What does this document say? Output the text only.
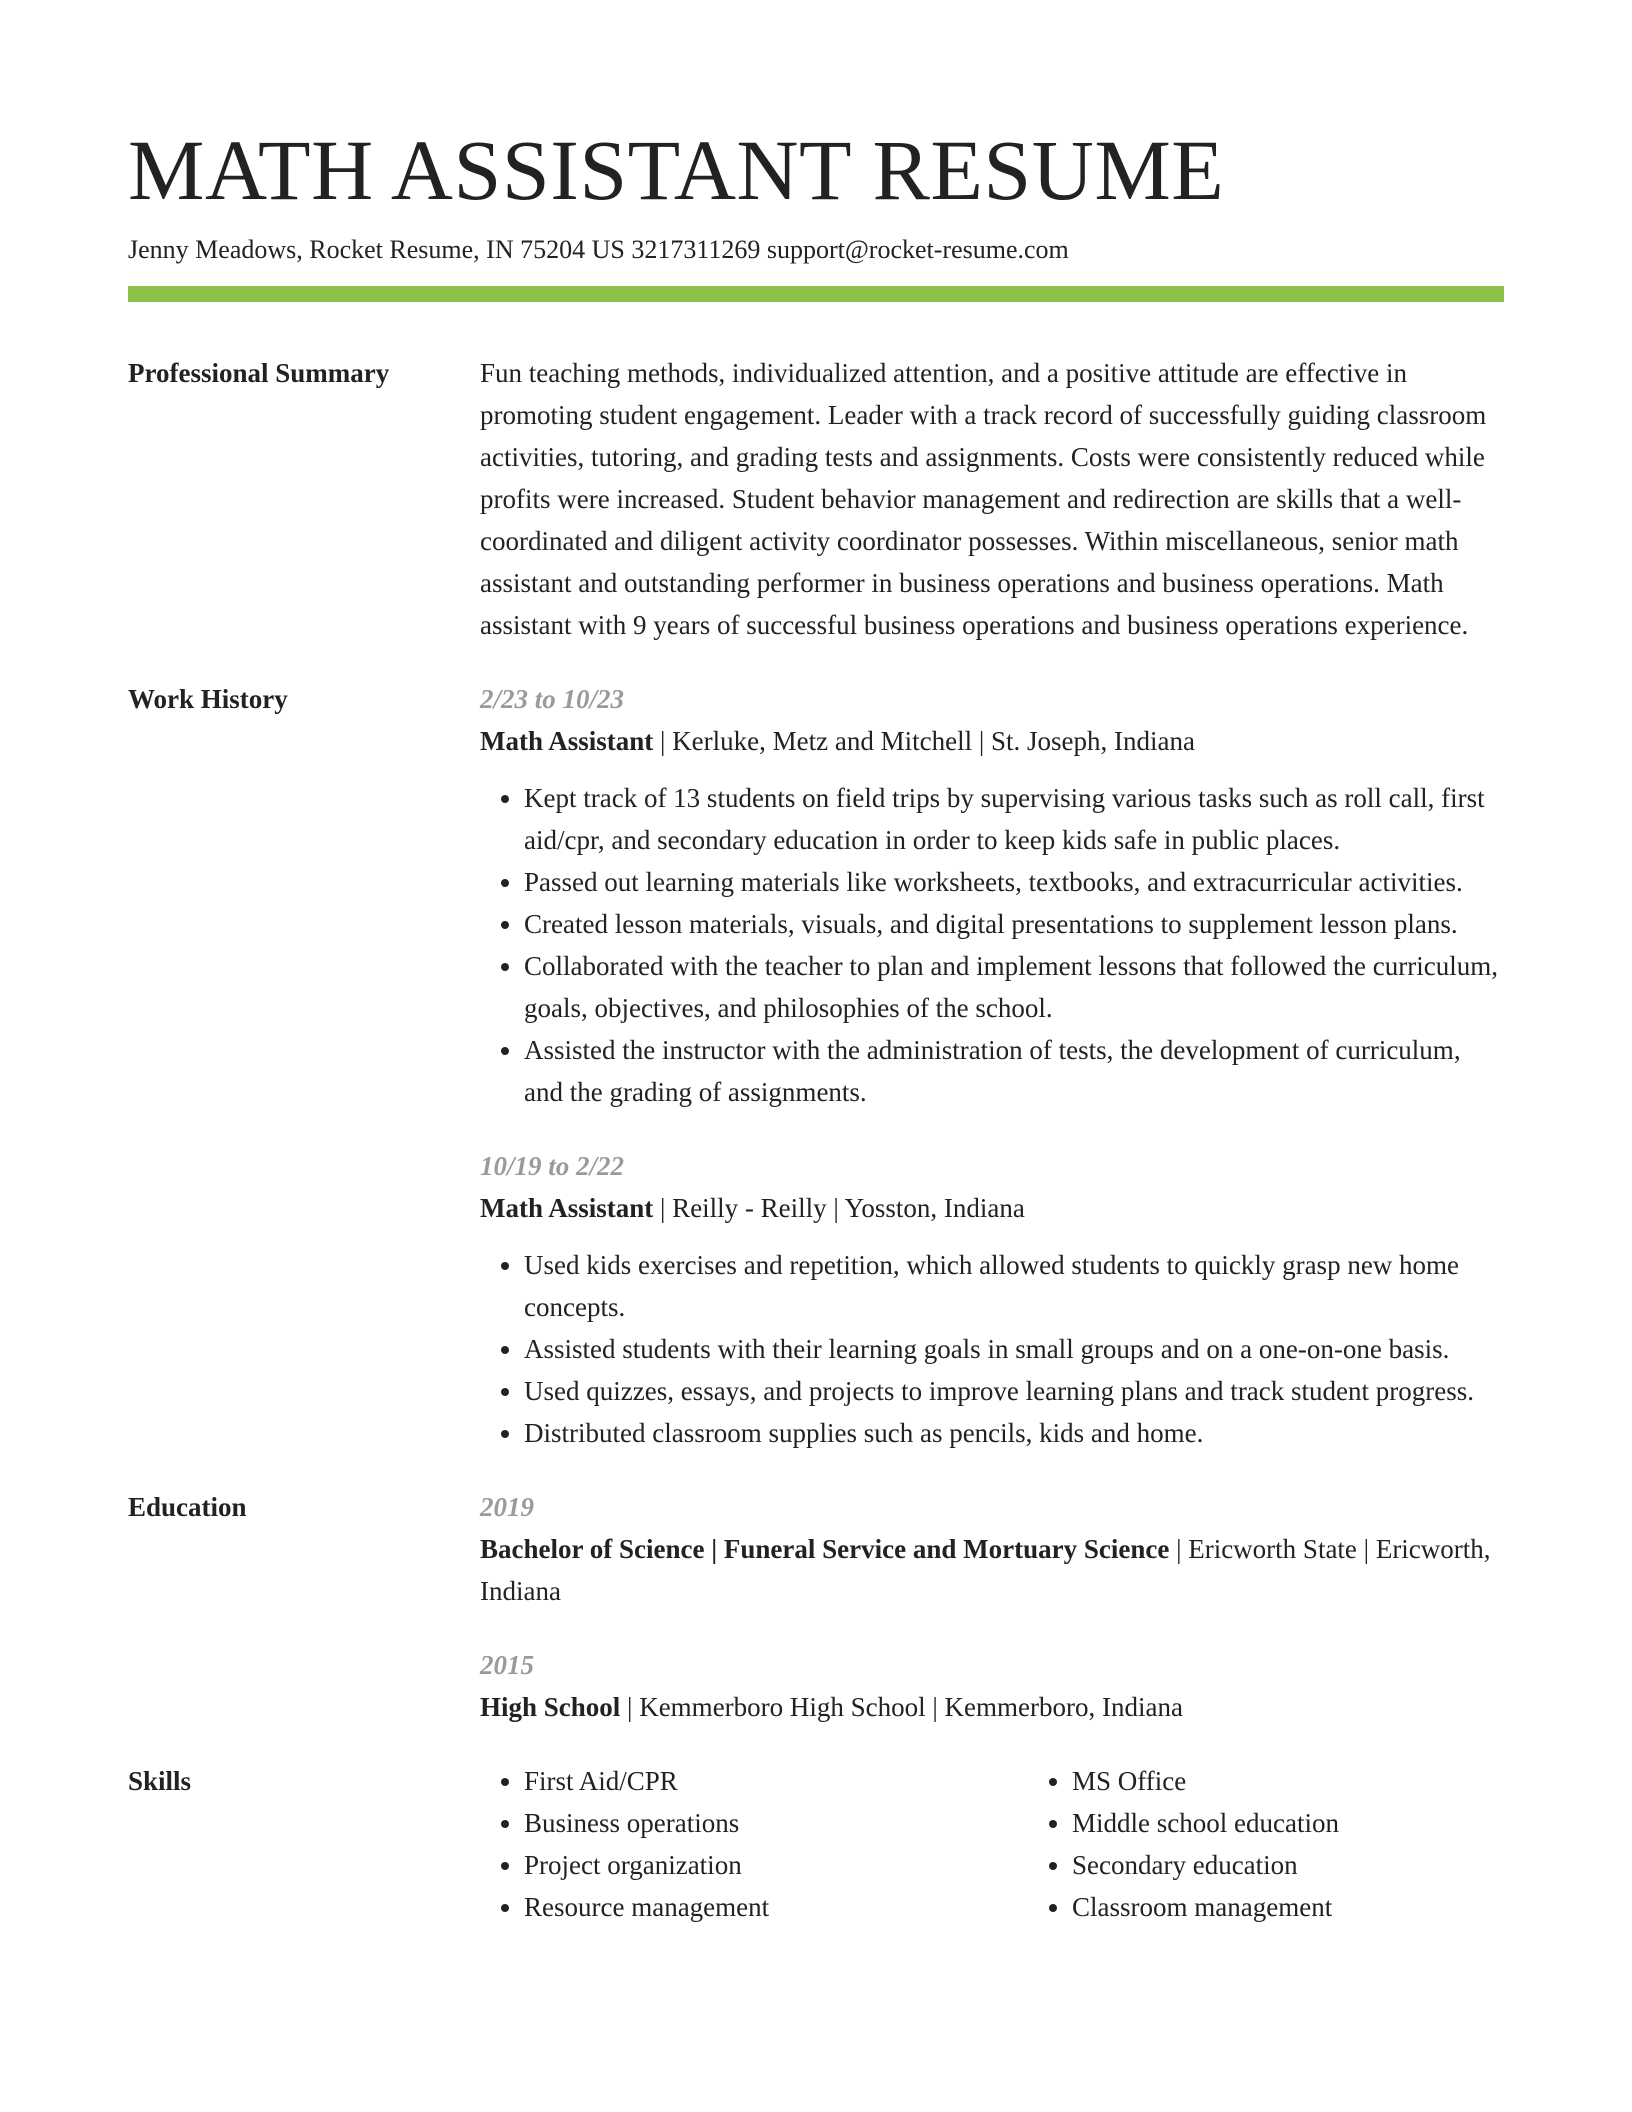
MATH ASSISTANT RESUME
Jenny Meadows, Rocket Resume, IN 75204 US 3217311269 support@rocket-resume.com
Professional Summary	Fun teaching methods, individualized attention, and a positive attitude are effective in promoting student engagement. Leader with a track record of successfully guiding classroom activities, tutoring, and grading tests and assignments. Costs were consistently reduced while profits were increased. Student behavior management and redirection are skills that a well-coordinated and diligent activity coordinator possesses. Within miscellaneous, senior math assistant and outstanding performer in business operations and business operations. Math assistant with 9 years of successful business operations and business operations experience.
Work History	2/23 to 10/23
Math Assistant | Kerluke, Metz and Mitchell | St. Joseph, Indiana
• Kept track of 13 students on field trips by supervising various tasks such as roll call, first aid/cpr, and secondary education in order to keep kids safe in public places.
• Passed out learning materials like worksheets, textbooks, and extracurricular activities.
• Created lesson materials, visuals, and digital presentations to supplement lesson plans.
• Collaborated with the teacher to plan and implement lessons that followed the curriculum, goals, objectives, and philosophies of the school.
• Assisted the instructor with the administration of tests, the development of curriculum, and the grading of assignments.
10/19 to 2/22
Math Assistant | Reilly - Reilly | Yosston, Indiana
• Used kids exercises and repetition, which allowed students to quickly grasp new home concepts.
• Assisted students with their learning goals in small groups and on a one-on-one basis.
• Used quizzes, essays, and projects to improve learning plans and track student progress.
• Distributed classroom supplies such as pencils, kids and home.
Education	2019
Bachelor of Science | Funeral Service and Mortuary Science | Ericworth State | Ericworth, Indiana
2015
High School | Kemmerboro High School | Kemmerboro, Indiana
Skills
•	First Aid/CPR
• Business operations
• Project organization
• Resource management
• MS Office
• Middle school education
• Secondary education
• Classroom management
